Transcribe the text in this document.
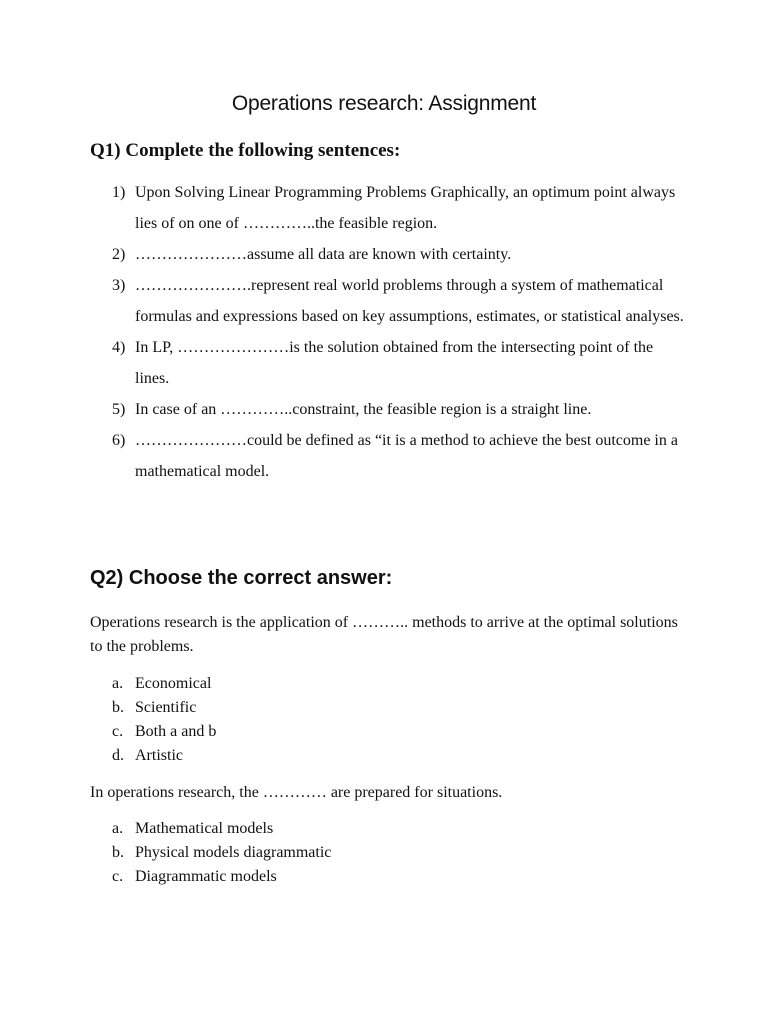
Operations research: Assignment
Q1) Complete the following sentences:
1) Upon Solving Linear Programming Problems Graphically, an optimum point always lies of on one of …………..the feasible region.
2) …………………assume all data are known with certainty.
3) ………………….represent real world problems through a system of mathematical formulas and expressions based on key assumptions, estimates, or statistical analyses.
4) In LP, …………………is the solution obtained from the intersecting point of the lines.
5) In case of an …………..constraint, the feasible region is a straight line.
6) …………………could be defined as “it is a method to achieve the best outcome in a mathematical model.
Q2) Choose the correct answer:

Operations research is the application of ……….. methods to arrive at the optimal solutions to the problems.

a. Economical
b. Scientific
c. Both a and b
d. Artistic

In operations research, the ………… are prepared for situations.

a. Mathematical models
b. Physical models diagrammatic
c. Diagrammatic models
